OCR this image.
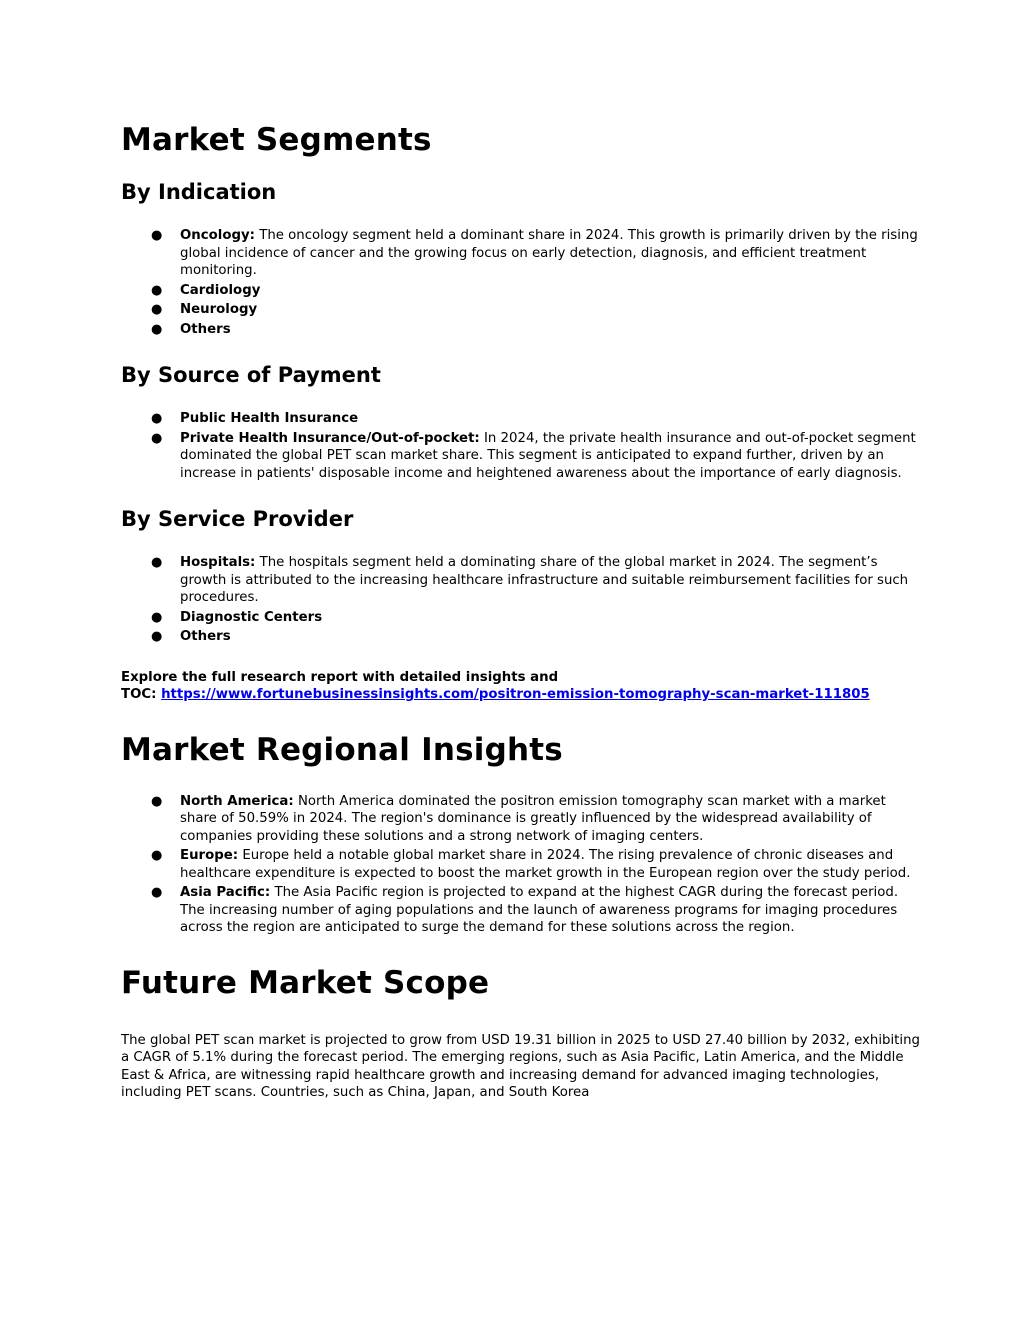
Market Segments
By Indication
● Oncology: The oncology segment held a dominant share in 2024. This growth is primarily driven by the rising global incidence of cancer and the growing focus on early detection, diagnosis, and efficient treatment monitoring.
● Cardiology
● Neurology
● Others
By Source of Payment
● Public Health Insurance
● Private Health Insurance/Out-of-pocket: In 2024, the private health insurance and out-of-pocket segment dominated the global PET scan market share. This segment is anticipated to expand further, driven by an increase in patients' disposable income and heightened awareness about the importance of early diagnosis.
By Service Provider
● Hospitals: The hospitals segment held a dominating share of the global market in 2024. The segment’s growth is attributed to the increasing healthcare infrastructure and suitable reimbursement facilities for such procedures.
● Diagnostic Centers
● Others
Explore the full research report with detailed insights and
TOC: https://www.fortunebusinessinsights.com/positron-emission-tomography-scan-market-111805
Market Regional Insights
● North America: North America dominated the positron emission tomography scan market with a market share of 50.59% in 2024. The region's dominance is greatly influenced by the widespread availability of companies providing these solutions and a strong network of imaging centers.
● Europe: Europe held a notable global market share in 2024. The rising prevalence of chronic diseases and healthcare expenditure is expected to boost the market growth in the European region over the study period.
● Asia Pacific: The Asia Pacific region is projected to expand at the highest CAGR during the forecast period. The increasing number of aging populations and the launch of awareness programs for imaging procedures across the region are anticipated to surge the demand for these solutions across the region.
Future Market Scope

The global PET scan market is projected to grow from USD 19.31 billion in 2025 to USD 27.40 billion by 2032, exhibiting a CAGR of 5.1% during the forecast period. The emerging regions, such as Asia Pacific, Latin America, and the Middle East & Africa, are witnessing rapid healthcare growth and increasing demand for advanced imaging technologies, including PET scans. Countries, such as China, Japan, and South Korea
